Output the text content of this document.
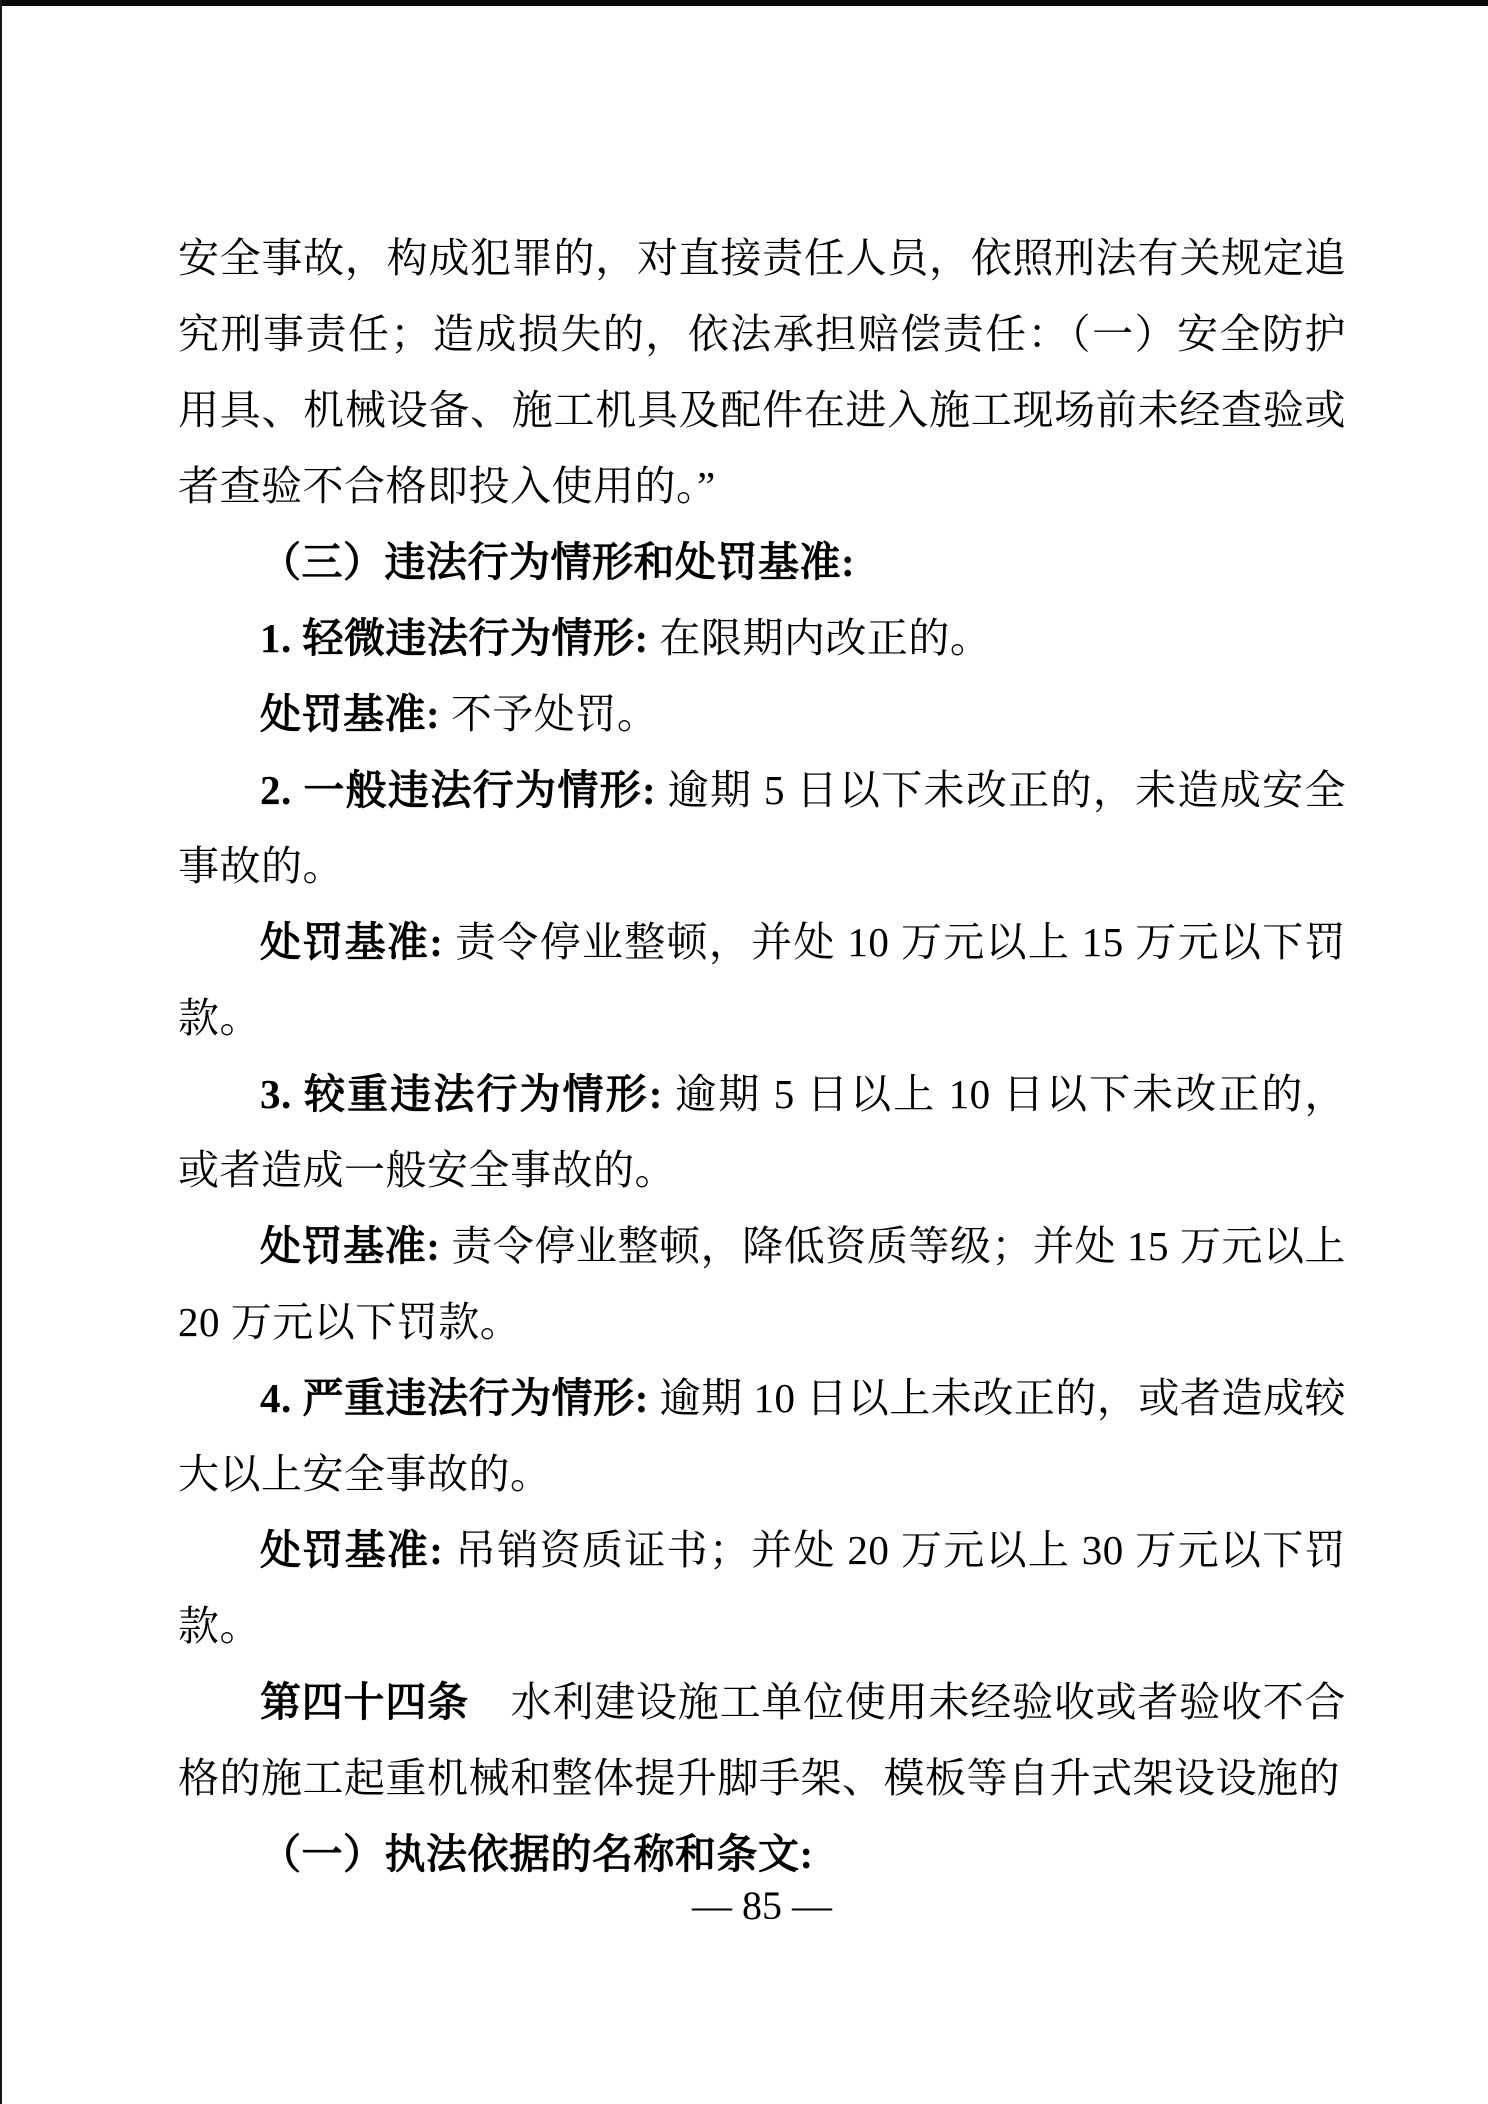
安全事故，构成犯罪的，对直接责任人员，依照刑法有关规定追究刑事责任；造成损失的，依法承担赔偿责任：（一）安全防护用具、机械设备、施工机具及配件在进入施工现场前未经查验或者查验不合格即投入使用的。”

（三）违法行为情形和处罚基准:

1. 轻微违法行为情形: 在限期内改正的。

处罚基准: 不予处罚。

2. 一般违法行为情形: 逾期 5 日以下未改正的，未造成安全事故的。

处罚基准: 责令停业整顿，并处 10 万元以上 15 万元以下罚款。

3. 较重违法行为情形: 逾期 5 日以上 10 日以下未改正的，或者造成一般安全事故的。

处罚基准: 责令停业整顿，降低资质等级；并处 15 万元以上 20 万元以下罚款。

4. 严重违法行为情形: 逾期 10 日以上未改正的，或者造成较大以上安全事故的。

处罚基准: 吊销资质证书；并处 20 万元以上 30 万元以下罚款。

第四十四条　水利建设施工单位使用未经验收或者验收不合格的施工起重机械和整体提升脚手架、模板等自升式架设设施的

（一）执法依据的名称和条文:

— 85 —
